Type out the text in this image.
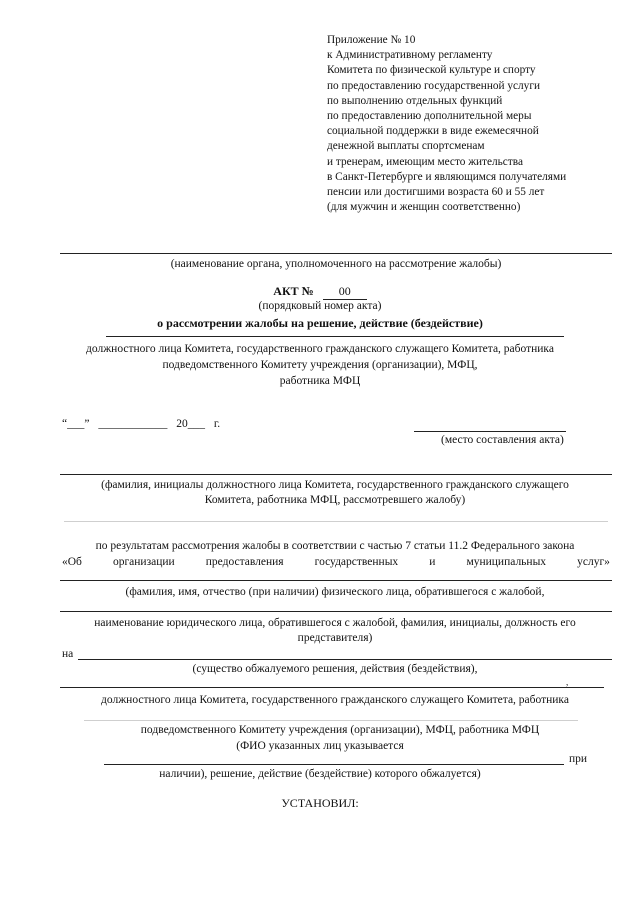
Приложение № 10
к Административному регламенту
Комитета по физической культуре и спорту
по предоставлению государственной услуги
по выполнению отдельных функций
по предоставлению дополнительной меры
социальной поддержки в виде ежемесячной
денежной выплаты спортсменам
и тренерам, имеющим место жительства
в Санкт-Петербурге и являющимся получателями
пенсии или достигшими возраста 60 и 55 лет
(для мужчин и женщин соответственно)
(наименование органа, уполномоченного на рассмотрение жалобы)
АКТ № 00
(порядковый номер акта)
о рассмотрении жалобы на решение, действие (бездействие)
должностного лица Комитета, государственного гражданского служащего Комитета, работника
подведомственного Комитету учреждения (организации), МФЦ,
работника МФЦ
“___” ____________ 20___ г.
(место составления акта)
(фамилия, инициалы должностного лица Комитета, государственного гражданского служащего
Комитета, работника МФЦ, рассмотревшего жалобу)
по результатам рассмотрения жалобы в соответствии с частью 7 статьи 11.2 Федерального закона
«Об	организации	предоставления	государственных	и	муниципальных	услуг»
(фамилия, имя, отчество (при наличии) физического лица, обратившегося с жалобой,
наименование юридического лица, обратившегося с жалобой, фамилия, инициалы, должность его
представителя)
на
(существо обжалуемого решения, действия (бездействия),
,
должностного лица Комитета, государственного гражданского служащего Комитета, работника
подведомственного Комитету учреждения (организации), МФЦ, работника МФЦ
(ФИО указанных лиц указывается
при
наличии), решение, действие (бездействие) которого обжалуется)
УСТАНОВИЛ:
